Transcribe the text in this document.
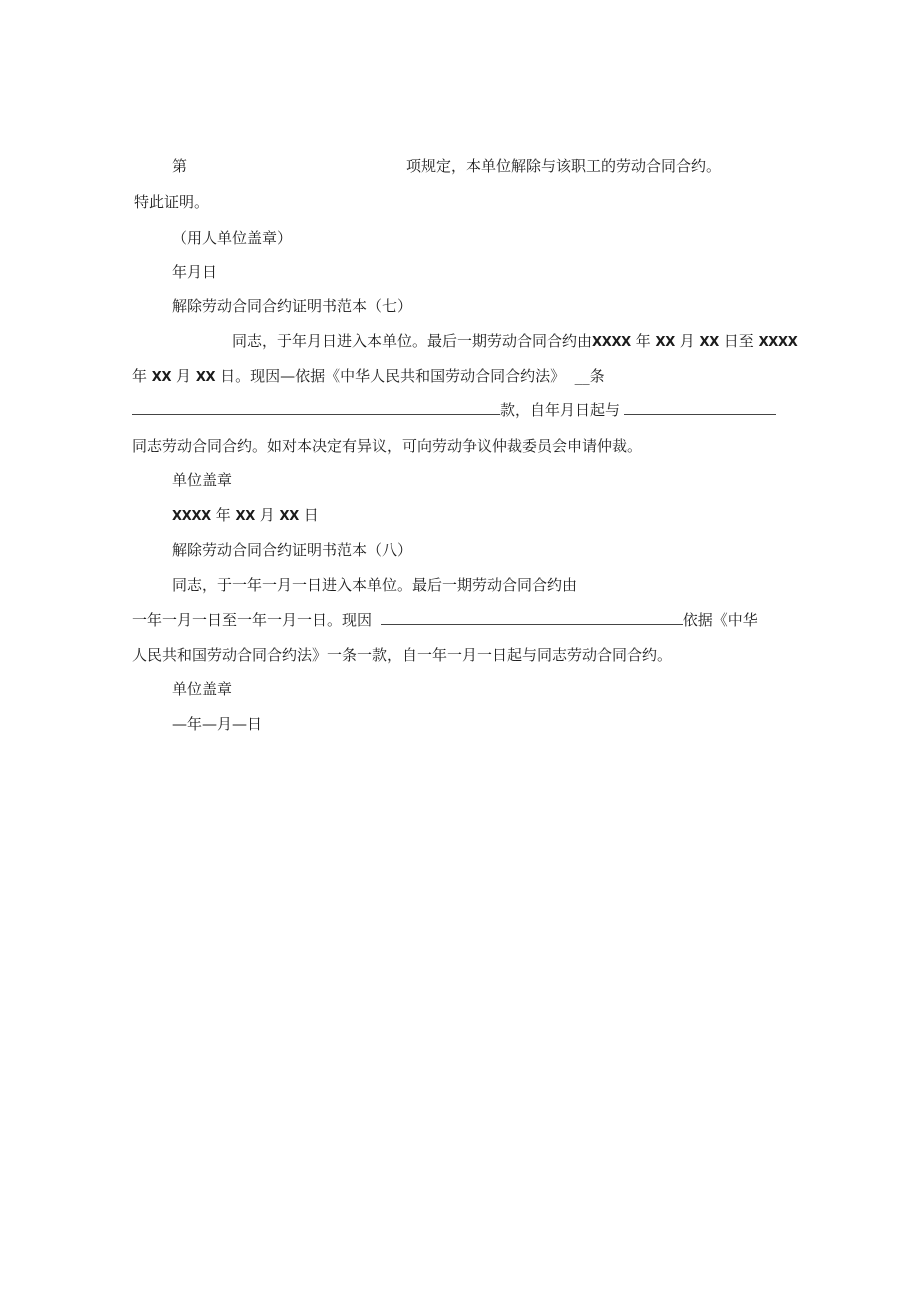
第	项规定，本单位解除与该职工的劳动合同合约。
特此证明。
（用人单位盖章）
年月日
解除劳动合同合约证明书范本（七）
同志，于年月日进入本单位。最后一期劳动合同合约由XXXX 年 XX 月 XX 日至 XXXX
年 XX 月 XX 日。现因—依据《中华人民共和国劳动合同合约法》 __条
款，自年月日起与
同志劳动合同合约。如对本决定有异议，可向劳动争议仲裁委员会申请仲裁。
单位盖章
XXXX 年 XX 月 XX 日
解除劳动合同合约证明书范本（八）
同志，于一年一月一日进入本单位。最后一期劳动合同合约由
一年一月一日至一年一月一日。现因	依据《中华
人民共和国劳动合同合约法》一条一款，自一年一月一日起与同志劳动合同合约。
单位盖章
—年—月—日
